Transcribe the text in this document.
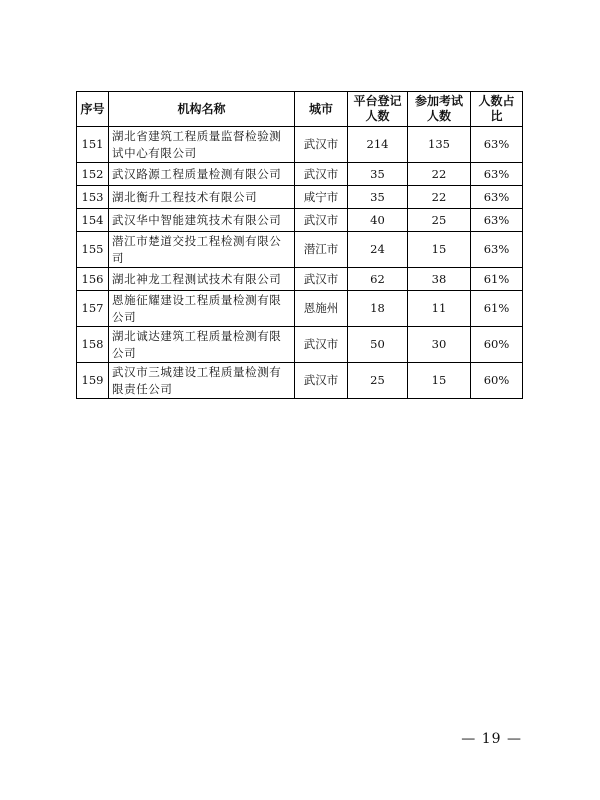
序号	机构名称	城市	平台登记人数	参加考试人数	人数占比
151	湖北省建筑工程质量监督检验测试中心有限公司	武汉市	214	135	63%
152	武汉路源工程质量检测有限公司	武汉市	35	22	63%
153	湖北衡升工程技术有限公司	咸宁市	35	22	63%
154	武汉华中智能建筑技术有限公司	武汉市	40	25	63%
155	潜江市楚道交投工程检测有限公司	潜江市	24	15	63%
156	湖北神龙工程测试技术有限公司	武汉市	62	38	61%
157	恩施征耀建设工程质量检测有限公司	恩施州	18	11	61%
158	湖北诚达建筑工程质量检测有限公司	武汉市	50	30	60%
159	武汉市三城建设工程质量检测有限责任公司	武汉市	25	15	60%
— 19 —
